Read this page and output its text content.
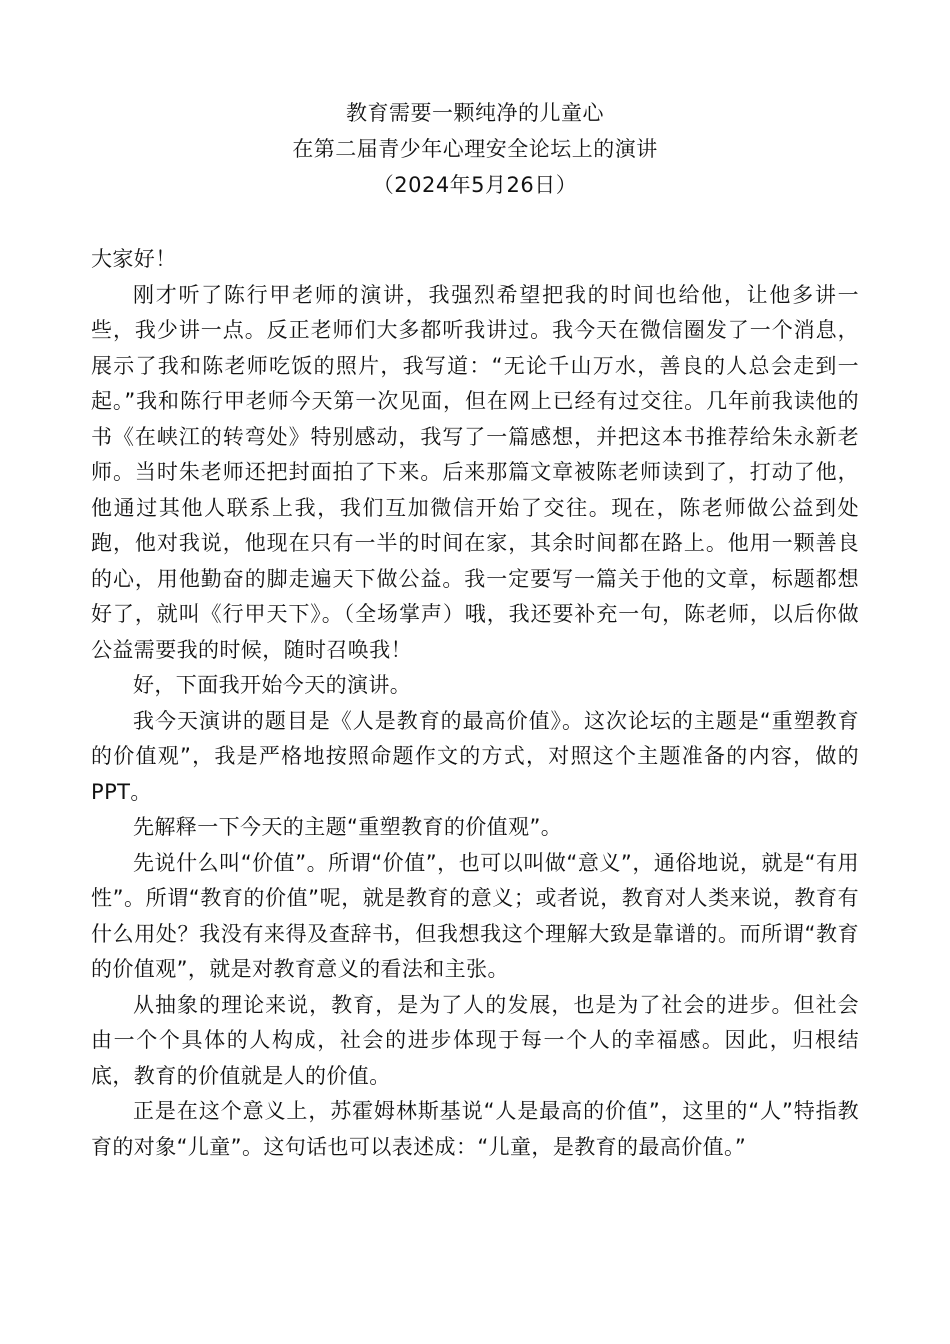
教育需要一颗纯净的儿童心
在第二届青少年心理安全论坛上的演讲
（2024年5月26日）

大家好！

刚才听了陈行甲老师的演讲，我强烈希望把我的时间也给他，让他多讲一些，我少讲一点。反正老师们大多都听我讲过。我今天在微信圈发了一个消息，展示了我和陈老师吃饭的照片，我写道：“无论千山万水，善良的人总会走到一起。”我和陈行甲老师今天第一次见面，但在网上已经有过交往。几年前我读他的书《在峡江的转弯处》特别感动，我写了一篇感想，并把这本书推荐给朱永新老师。当时朱老师还把封面拍了下来。后来那篇文章被陈老师读到了，打动了他，他通过其他人联系上我，我们互加微信开始了交往。现在，陈老师做公益到处跑，他对我说，他现在只有一半的时间在家，其余时间都在路上。他用一颗善良的心，用他勤奋的脚走遍天下做公益。我一定要写一篇关于他的文章，标题都想好了，就叫《行甲天下》。（全场掌声）哦，我还要补充一句，陈老师，以后你做公益需要我的时候，随时召唤我！

好，下面我开始今天的演讲。

我今天演讲的题目是《人是教育的最高价值》。这次论坛的主题是“重塑教育的价值观”，我是严格地按照命题作文的方式，对照这个主题准备的内容，做的PPT。

先解释一下今天的主题“重塑教育的价值观”。

先说什么叫“价值”。所谓“价值”，也可以叫做“意义”，通俗地说，就是“有用性”。所谓“教育的价值”呢，就是教育的意义；或者说，教育对人类来说，教育有什么用处？我没有来得及查辞书，但我想我这个理解大致是靠谱的。而所谓“教育的价值观”，就是对教育意义的看法和主张。

从抽象的理论来说，教育，是为了人的发展，也是为了社会的进步。但社会由一个个具体的人构成，社会的进步体现于每一个人的幸福感。因此，归根结底，教育的价值就是人的价值。

正是在这个意义上，苏霍姆林斯基说“人是最高的价值”，这里的“人”特指教育的对象“儿童”。这句话也可以表述成：“儿童，是教育的最高价值。”
